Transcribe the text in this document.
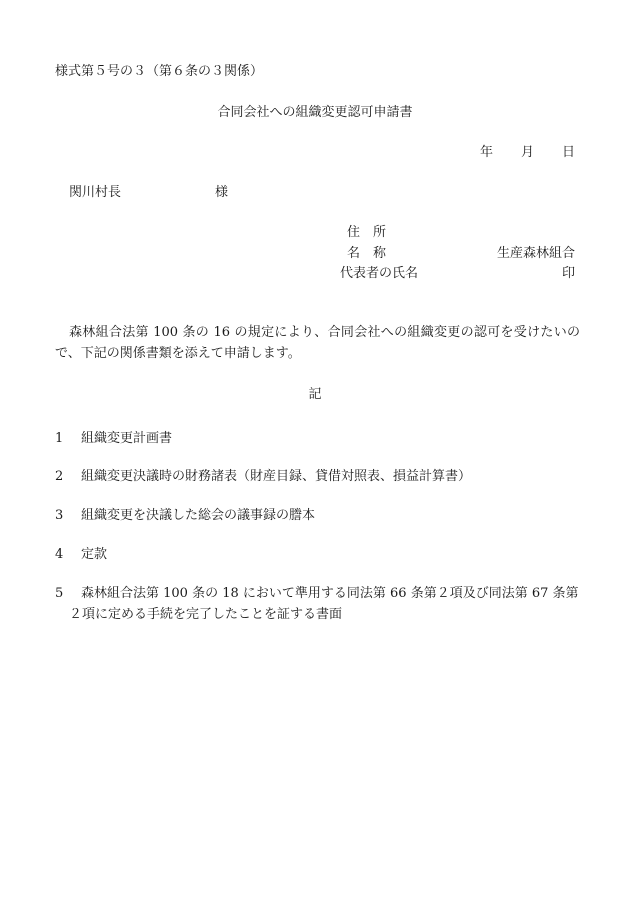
様式第５号の３（第６条の３関係）
合同会社への組織変更認可申請書
年 月 日
関川村長	様
住　所
名　称	生産森林組合
代表者の氏名	印
森林組合法第 100 条の 16 の規定により、合同会社への組織変更の認可を受けたいので、下記の関係書類を添えて申請します。
記
1 組織変更計画書
2 組織変更決議時の財務諸表（財産目録、貸借対照表、損益計算書）
3 組織変更を決議した総会の議事録の謄本
4 定款
5 森林組合法第 100 条の 18 において準用する同法第 66 条第２項及び同法第 67 条第
２項に定める手続を完了したことを証する書面
